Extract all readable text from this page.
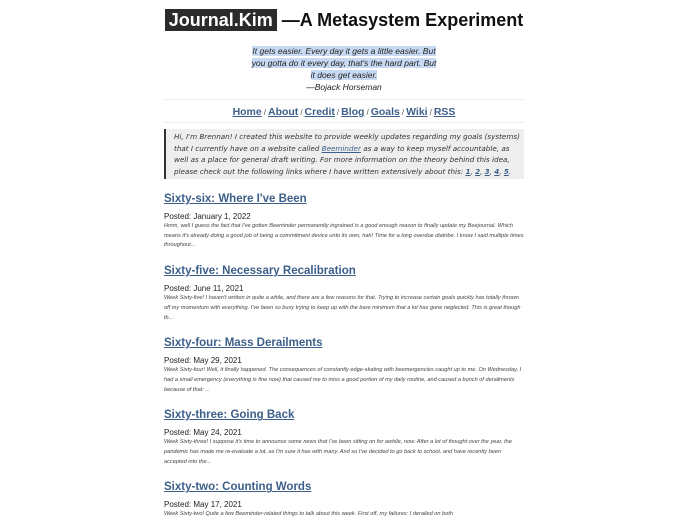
Journal.Kim —A Metasystem Experiment
It gets easier. Every day it gets a little easier. But you gotta do it every day, that's the hard part. But it does get easier.
—Bojack Horseman
Home / About / Credit / Blog / Goals / Wiki / RSS
Hi, I'm Brennan! I created this website to provide weekly updates regarding my goals (systems) that I currently have on a website called Beeminder as a way to keep myself accountable, as well as a place for general draft writing. For more information on the theory behind this idea, please check out the following links where I have written extensively about this: 1, 2, 3, 4, 5.
Sixty-six: Where I've Been
Posted: January 1, 2022
Hmm, well I guess the fact that I've gotten Beeminder permanently ingrained is a good enough reason to finally update my Beejournal. Which means it's already doing a good job of being a commitment device unto its own, hah! Time for a long overdue diatribe. I know I said multiple times throughout...
Sixty-five: Necessary Recalibration
Posted: June 11, 2021
Week Sixty-five! I haven't written in quite a while, and there are a few reasons for that. Trying to increase certain goals quickly has totally thrown off my momentum with everything. I've been so busy trying to keep up with the bare minimum that a lot has gone neglected. This is great though th...
Sixty-four: Mass Derailments
Posted: May 29, 2021
Week Sixty-four! Well, it finally happened. The consequences of constantly edge-skating with beemergencies caught up to me. On Wednesday, I had a small emergency (everything is fine now) that caused me to miss a good portion of my daily routine, and caused a bunch of derailments because of that: ...
Sixty-three: Going Back
Posted: May 24, 2021
Week Sixty-three! I suppose it's time to announce some news that I've been sitting on for awhile, now. After a lot of thought over the year, the pandemic has made me re-evaluate a lot, as I'm sure it has with many. And so I've decided to go back to school, and have recently been accepted into the...
Sixty-two: Counting Words
Posted: May 17, 2021
Week Sixty-two! Quite a few Beeminder-related things to talk about this week. First off, my failures: I derailed on both
